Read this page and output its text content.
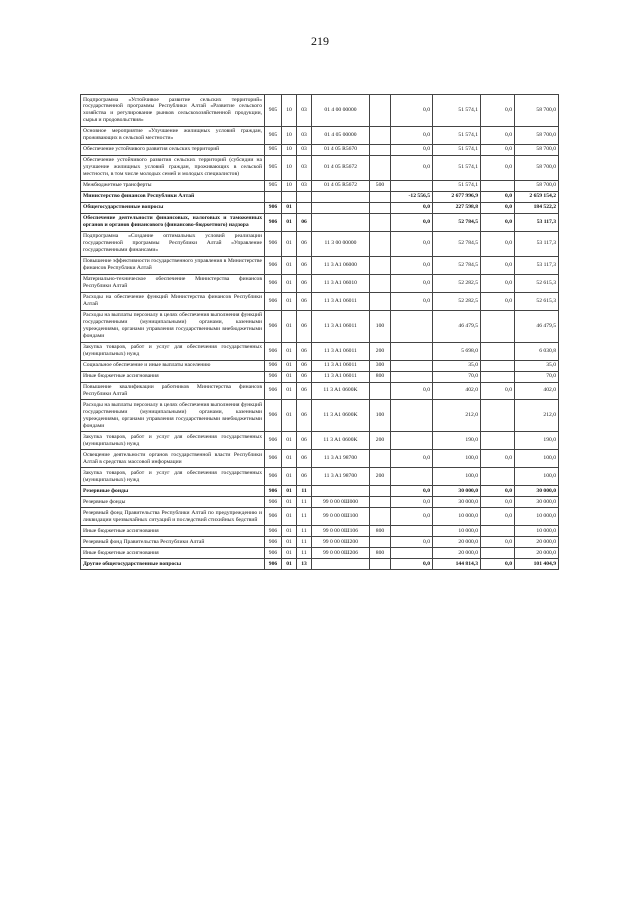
219
Подпрограмма «Устойчивое развитие сельских территорий» государственной программы Республики Алтай «Развитие сельского хозяйства и регулирование рынков сельскохозяйственной продукции, сырья и продовольствия»	905	10	03	01 4 00 00000		0,0	51 574,1	0,0	58 700,0
Основное мероприятие «Улучшение жилищных условий граждан, проживающих в сельской местности»	905	10	03	01 4 05 00000		0,0	51 574,1	0,0	58 700,0
Обеспечение устойчивого развития сельских территорий	905	10	03	01 4 05 R5670		0,0	51 574,1	0,0	58 700,0
Обеспечение устойчивого развития сельских территорий (субсидии на улучшение жилищных условий граждан, проживающих в сельской местности, в том числе молодых семей и молодых специалистов)	905	10	03	01 4 05 R5672		0,0	51 574,1	0,0	58 700,0
Межбюджетные трансферты	905	10	03	01 4 05 R5672	500		51 574,1		58 700,0
Министерство финансов Республики Алтай						-12 556,5	2 677 996,9	0,0	2 659 154,2
Общегосударственные вопросы	906	01				0,0	227 598,8	0,0	184 522,2
Обеспечение деятельности финансовых, налоговых и таможенных органов и органов финансового (финансово-бюджетного) надзора	906	01	06			0,0	52 784,5	0,0	53 117,3
Подпрограмма «Создание оптимальных условий реализации государственной программы Республики Алтай «Управление государственными финансами»	906	01	06	11 3 00 00000		0,0	52 784,5	0,0	53 117,3
Повышение эффективности государственного управления в Министерстве финансов Республики Алтай	906	01	06	11 3 A1 06000		0,0	52 784,5	0,0	53 117,3
Материально-техническое обеспечение Министерства финансов Республики Алтай	906	01	06	11 3 A1 06010		0,0	52 282,5	0,0	52 615,3
Расходы на обеспечение функций Министерства финансов Республики Алтай	906	01	06	11 3 A1 06011		0,0	52 282,5	0,0	52 615,3
Расходы на выплаты персоналу в целях обеспечения выполнения функций государственными (муниципальными) органами, казенными учреждениями, органами управления государственными внебюджетными фондами	906	01	06	11 3 A1 06011	100		46 479,5		46 479,5
Закупка товаров, работ и услуг для обеспечения государственных (муниципальных) нужд	906	01	06	11 3 A1 06011	200		5 698,0		6 030,8
Социальное обеспечение и иные выплаты населению	906	01	06	11 3 A1 06011	300		35,0		35,0
Иные бюджетные ассигнования	906	01	06	11 3 A1 06011	800		70,0		70,0
Повышение квалификации работников Министерства финансов Республики Алтай	906	01	06	11 3 A1 0600K		0,0	402,0	0,0	402,0
Расходы на выплаты персоналу в целях обеспечения выполнения функций государственными (муниципальными) органами, казенными учреждениями, органами управления государственными внебюджетными фондами	906	01	06	11 3 A1 0600K	100		212,0		212,0
Закупка товаров, работ и услуг для обеспечения государственных (муниципальных) нужд	906	01	06	11 3 A1 0600K	200		190,0		190,0
Освещение деятельности органов государственной власти Республики Алтай в средствах массовой информации	906	01	06	11 3 A1 98700		0,0	100,0	0,0	100,0
Закупка товаров, работ и услуг для обеспечения государственных (муниципальных) нужд	906	01	06	11 3 A1 98700	200		100,0		100,0
Резервные фонды	906	01	11			0,0	30 000,0	0,0	30 000,0
Резервные фонды	906	01	11	99 0 00 0Ш000		0,0	30 000,0	0,0	30 000,0
Резервный фонд Правительства Республики Алтай по предупреждению и ликвидации чрезвычайных ситуаций и последствий стихийных бедствий	906	01	11	99 0 00 0Ш100		0,0	10 000,0	0,0	10 000,0
Иные бюджетные ассигнования	906	01	11	99 0 00 0Ш106	800		10 000,0		10 000,0
Резервный фонд Правительства Республики Алтай	906	01	11	99 0 00 0Ш200		0,0	20 000,0	0,0	20 000,0
Иные бюджетные ассигнования	906	01	11	99 0 00 0Ш206	800		20 000,0		20 000,0
Другие общегосударственные вопросы	906	01	13			0,0	144 814,3	0,0	101 404,9
